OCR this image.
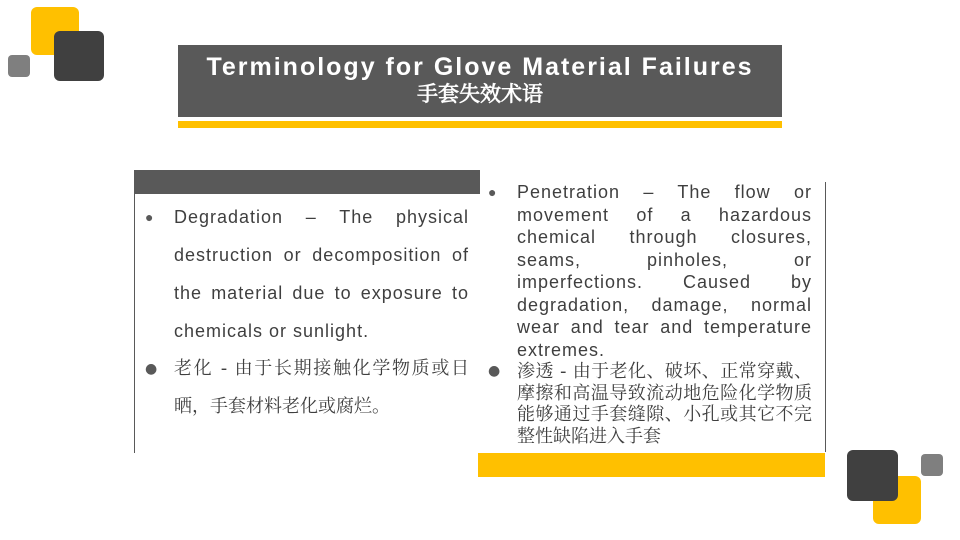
Terminology for Glove Material Failures
手套失效术语
● Degradation – The physical destruction or decomposition of the material due to exposure to chemicals or sunlight.
● 老化 - 由于长期接触化学物质或日晒，手套材料老化或腐烂。
● Penetration – The flow or movement of a hazardous chemical through closures, seams, pinholes, or imperfections. Caused by degradation, damage, normal wear and tear and temperature extremes.
● 渗透 - 由于老化、破坏、正常穿戴、摩擦和高温导致流动地危险化学物质能够通过手套缝隙、小孔或其它不完整性缺陷进入手套
